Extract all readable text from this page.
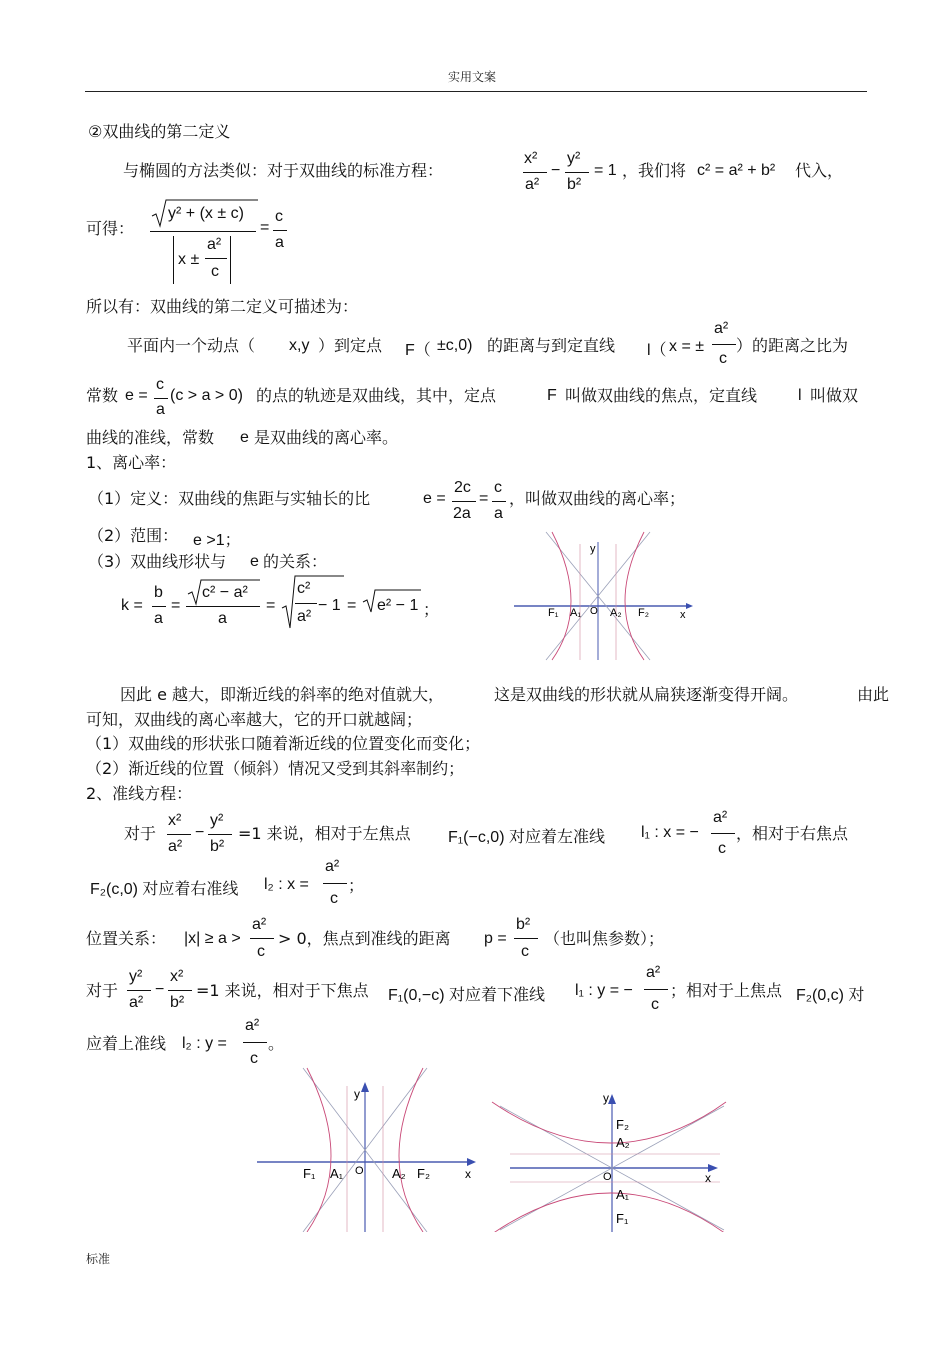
实用文案
②双曲线的第二定义
与椭圆的方法类似：对于双曲线的标准方程：
x²
a²
−
y²
b²
= 1 ，我们将 c² = a² + b² 代入，
可得：
y² + (x ± c)
x ±
a²
c
=
c
a
所以有：双曲线的第二定义可描述为：
平面内一个动点（ x,y ）到定点 F（ ±c,0) 的距离与到定直线 l（ x = ±
a²
c
）的距离之比为
常数 e =
c
a
(c > a > 0) 的点的轨迹是双曲线，其中，定点	F 叫做双曲线的焦点，定直线	l 叫做双
曲线的准线，常数 e 是双曲线的离心率。
1、离心率：
（1）定义：双曲线的焦距与实轴长的比	e =
2c
2a
=
c
a
，叫做双曲线的离心率；
（2）范围： e >1；
（3）双曲线形状与 e 的关系：
k =
b
a
=
c² − a²
a
=
c²
a²
− 1 = e² − 1 ；
y
x
F₁ A₁ O A₂ F₂
因此 e 越大，即渐近线的斜率的绝对值就大，	这是双曲线的形状就从扁狭逐渐变得开阔。	由此
可知，双曲线的离心率越大，它的开口就越阔；
（1）双曲线的形状张口随着渐近线的位置变化而变化；
（2）渐近线的位置（倾斜）情况又受到其斜率制约；
2、准线方程：
对于
x²
a²
−
y²
b²
=1 来说，相对于左焦点 F₁(−c,0) 对应着左准线 l₁ : x = −
a²
c
，相对于右焦点
F₂(c,0) 对应着右准线 l₂ : x =
a²
c
；
位置关系： |x| ≥ a >
a²
c
> 0，焦点到准线的距离 p =
b²
c
（也叫焦参数）；
对于
y²
a²
−
x²
b²
=1 来说，相对于下焦点 F₁(0,−c) 对应着下准线 l₁ : y = −
a²
c
；相对于上焦点 F₂(0,c) 对
应着上准线 l₂ : y =
a²
c
。
y
x
F₁ A₁ O A₂ F₂
y
x
F₂
A₂
O
A₁
F₁
标准
